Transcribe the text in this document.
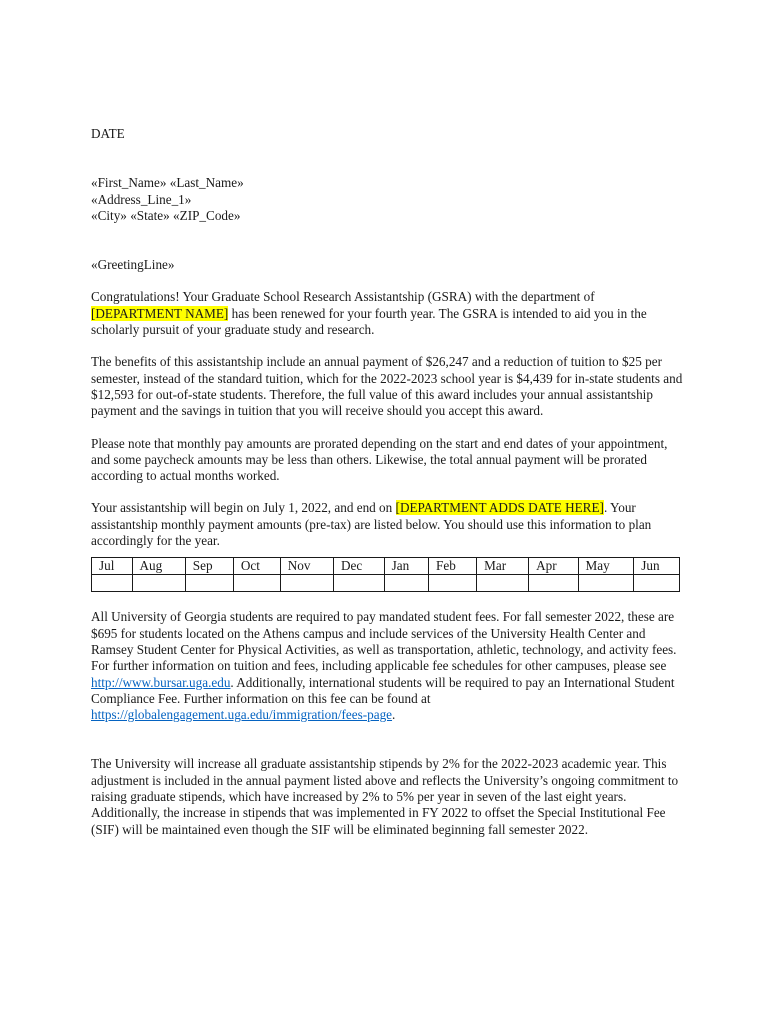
DATE

«First_Name» «Last_Name»

«Address_Line_1»

«City» «State» «ZIP_Code»

«GreetingLine»

Congratulations! Your Graduate School Research Assistantship (GSRA) with the department of [DEPARTMENT NAME] has been renewed for your fourth year. The GSRA is intended to aid you in the scholarly pursuit of your graduate study and research.

The benefits of this assistantship include an annual payment of $26,247 and a reduction of tuition to $25 per semester, instead of the standard tuition, which for the 2022-2023 school year is $4,439 for in-state students and $12,593 for out-of-state students. Therefore, the full value of this award includes your annual assistantship payment and the savings in tuition that you will receive should you accept this award.

Please note that monthly pay amounts are prorated depending on the start and end dates of your appointment, and some paycheck amounts may be less than others. Likewise, the total annual payment will be prorated according to actual months worked.

Your assistantship will begin on July 1, 2022, and end on [DEPARTMENT ADDS DATE HERE]. Your assistantship monthly payment amounts (pre-tax) are listed below. You should use this information to plan accordingly for the year.

Jul	Aug	Sep	Oct	Nov	Dec	Jan	Feb	Mar	Apr	May	Jun

All University of Georgia students are required to pay mandated student fees. For fall semester 2022, these are $695 for students located on the Athens campus and include services of the University Health Center and Ramsey Student Center for Physical Activities, as well as transportation, athletic, technology, and activity fees. For further information on tuition and fees, including applicable fee schedules for other campuses, please see http://www.bursar.uga.edu. Additionally, international students will be required to pay an International Student Compliance Fee. Further information on this fee can be found at https://globalengagement.uga.edu/immigration/fees-page.

The University will increase all graduate assistantship stipends by 2% for the 2022-2023 academic year. This adjustment is included in the annual payment listed above and reflects the University’s ongoing commitment to raising graduate stipends, which have increased by 2% to 5% per year in seven of the last eight years. Additionally, the increase in stipends that was implemented in FY 2022 to offset the Special Institutional Fee (SIF) will be maintained even though the SIF will be eliminated beginning fall semester 2022.
